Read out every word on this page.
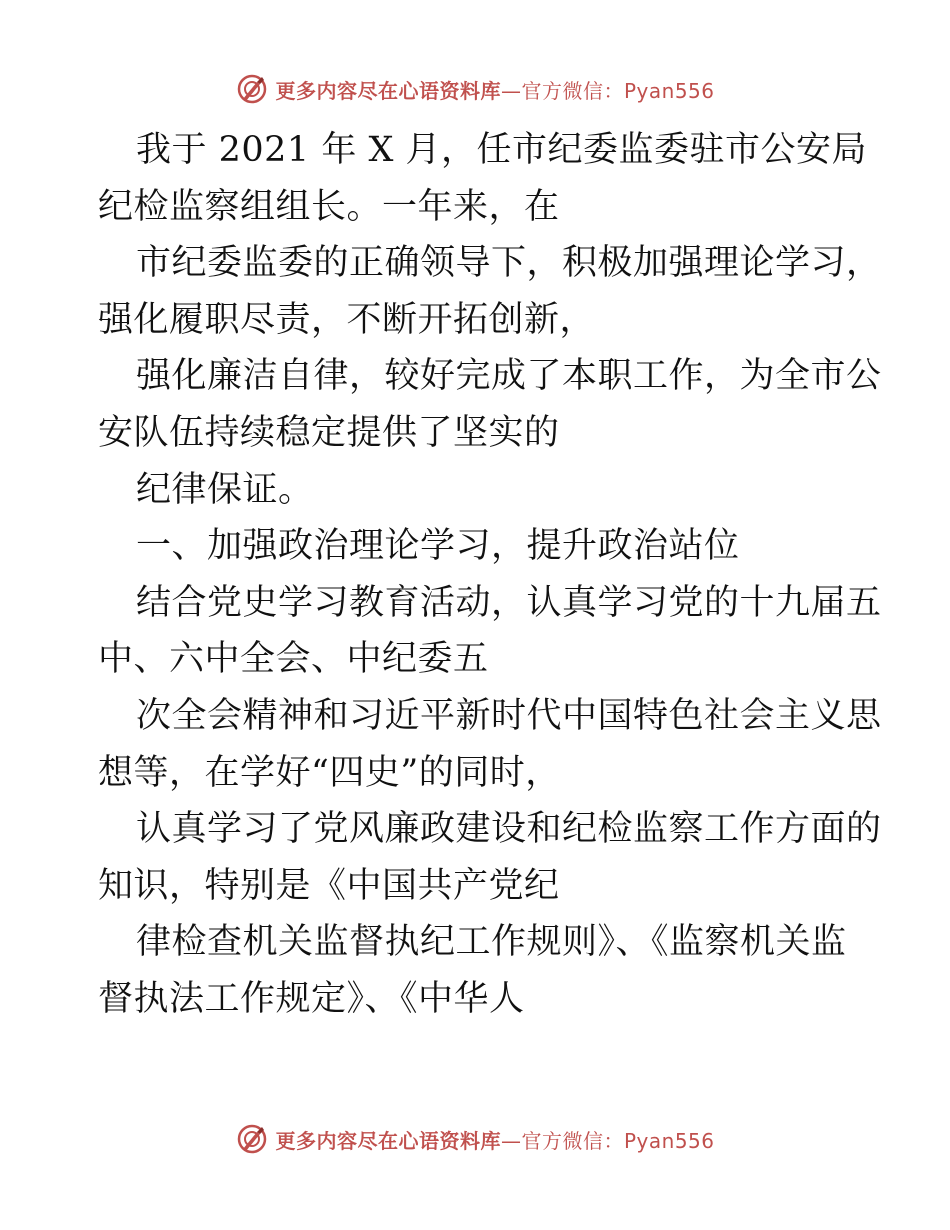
更多内容尽在心语资料库—官方微信：Pyan556
我于 2021 年 X 月，任市纪委监委驻市公安局
纪检监察组组长。一年来，在
市纪委监委的正确领导下，积极加强理论学习，
强化履职尽责，不断开拓创新，
强化廉洁自律，较好完成了本职工作，为全市公
安队伍持续稳定提供了坚实的
纪律保证。
一、加强政治理论学习，提升政治站位
结合党史学习教育活动，认真学习党的十九届五
中、六中全会、中纪委五
次全会精神和习近平新时代中国特色社会主义思
想等，在学好“四史”的同时，
认真学习了党风廉政建设和纪检监察工作方面的
知识，特别是《中国共产党纪
律检查机关监督执纪工作规则》、《监察机关监
督执法工作规定》、《中华人
更多内容尽在心语资料库—官方微信：Pyan556
